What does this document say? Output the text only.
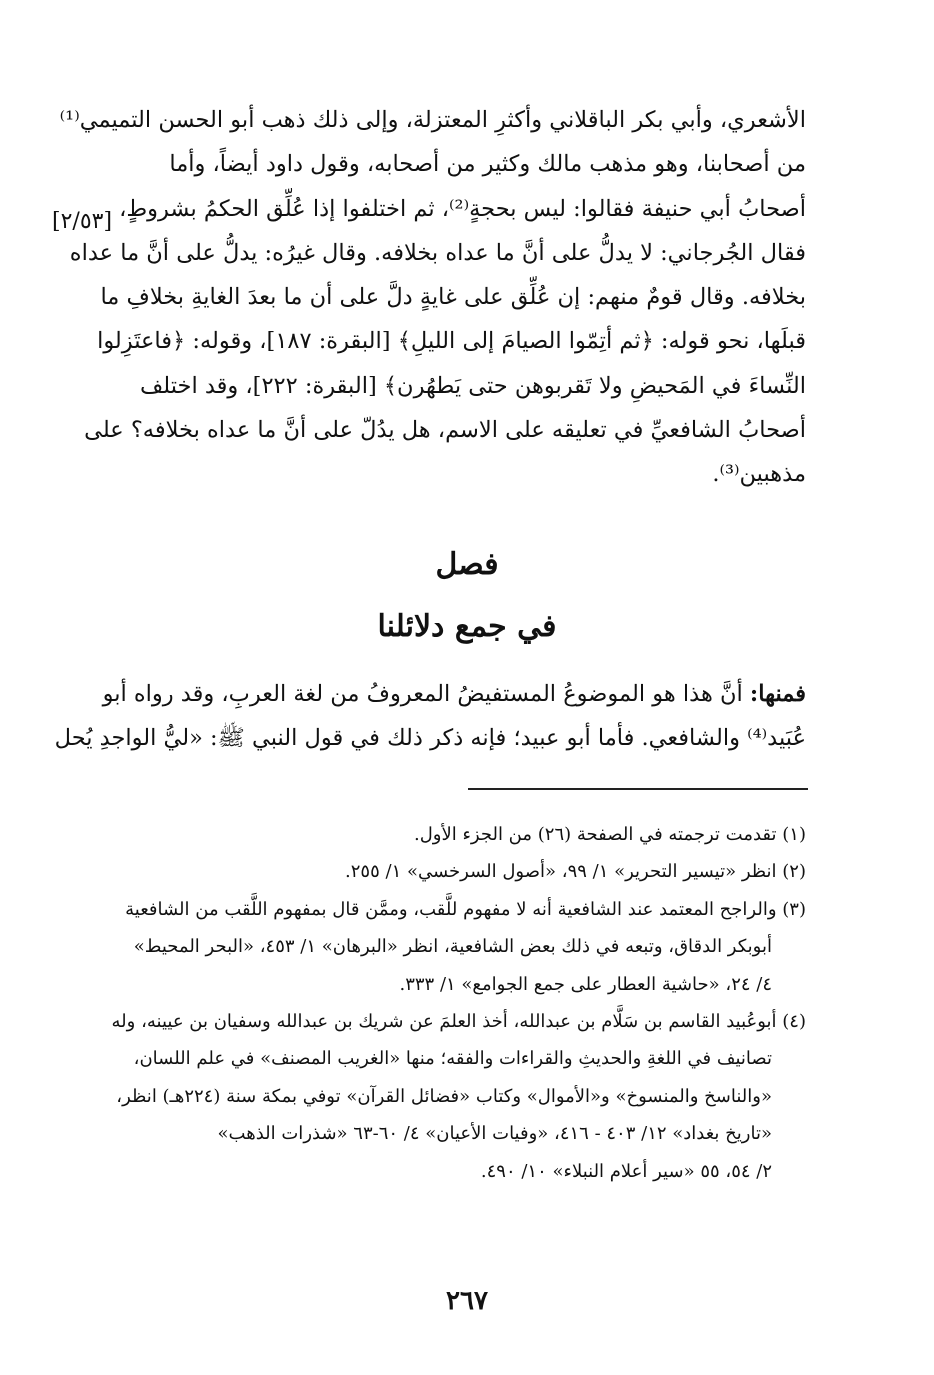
الأشعري، وأبي بكر الباقلاني وأكثرِ المعتزلة، وإلى ذلك ذهب أبو الحسن التميمي⁽¹⁾
من أصحابنا، وهو مذهب مالك وكثير من أصحابه، وقول داود أيضاً، وأما
أصحابُ أبي حنيفة فقالوا: ليس بحجةٍ⁽²⁾، ثم اختلفوا إذا عُلِّق الحكمُ بشروطٍ،
فقال الجُرجاني: لا يدلُّ على أنَّ ما عداه بخلافه. وقال غيرُه: يدلُّ على أنَّ ما عداه
بخلافه. وقال قومٌ منهم: إن عُلِّق على غايةٍ دلَّ على أن ما بعدَ الغايةِ بخلافِ ما
قبلَها، نحو قوله: ﴿ثم أتِمّوا الصيامَ إلى الليلِ﴾ [البقرة: ١٨٧]، وقوله: ﴿فاعتَزِلوا
النِّساءَ في المَحيضِ ولا تَقربوهن حتى يَطهُرن﴾ [البقرة: ٢٢٢]، وقد اختلف
أصحابُ الشافعيِّ في تعليقه على الاسم، هل يدُلّ على أنَّ ما عداه بخلافه؟ على
مذهبين⁽³⁾.
[٢/٥٣]
فصل
في جمع دلائلنا
فمنها: أنَّ هذا هو الموضوعُ المستفيضُ المعروفُ من لغة العربِ، وقد رواه أبو
عُبَيد⁽⁴⁾ والشافعي. فأما أبو عبيد؛ فإنه ذكر ذلك في قول النبي ﷺ: «ليُّ الواجدِ يُحل
(١) تقدمت ترجمته في الصفحة (٢٦) من الجزء الأول.
(٢) انظر «تيسير التحرير» ١/ ٩٩، «أصول السرخسي» ١/ ٢٥٥.
(٣) والراجح المعتمد عند الشافعية أنه لا مفهوم للَّقب، وممَّن قال بمفهوم اللَّقب من الشافعية
أبوبكر الدقاق، وتبعه في ذلك بعض الشافعية، انظر «البرهان» ١/ ٤٥٣، «البحر المحيط»
٤/ ٢٤، «حاشية العطار على جمع الجوامع» ١/ ٣٣٣.
(٤) أبوعُبيد القاسم بن سَلَّام بن عبدالله، أخذ العلمَ عن شريك بن عبدالله وسفيان بن عيينه، وله
تصانيف في اللغةِ والحديثِ والقراءات والفقه؛ منها «الغريب المصنف» في علم اللسان،
«والناسخ والمنسوخ» و«الأموال» وكتاب «فضائل القرآن» توفي بمكة سنة (٢٢٤هـ) انظر،
«تاريخ بغداد» ١٢/ ٤٠٣ - ٤١٦، «وفيات الأعيان» ٤/ ٦٠-٦٣ «شذرات الذهب»
٢/ ٥٤، ٥٥ «سير أعلام النبلاء» ١٠/ ٤٩٠.
٢٦٧
